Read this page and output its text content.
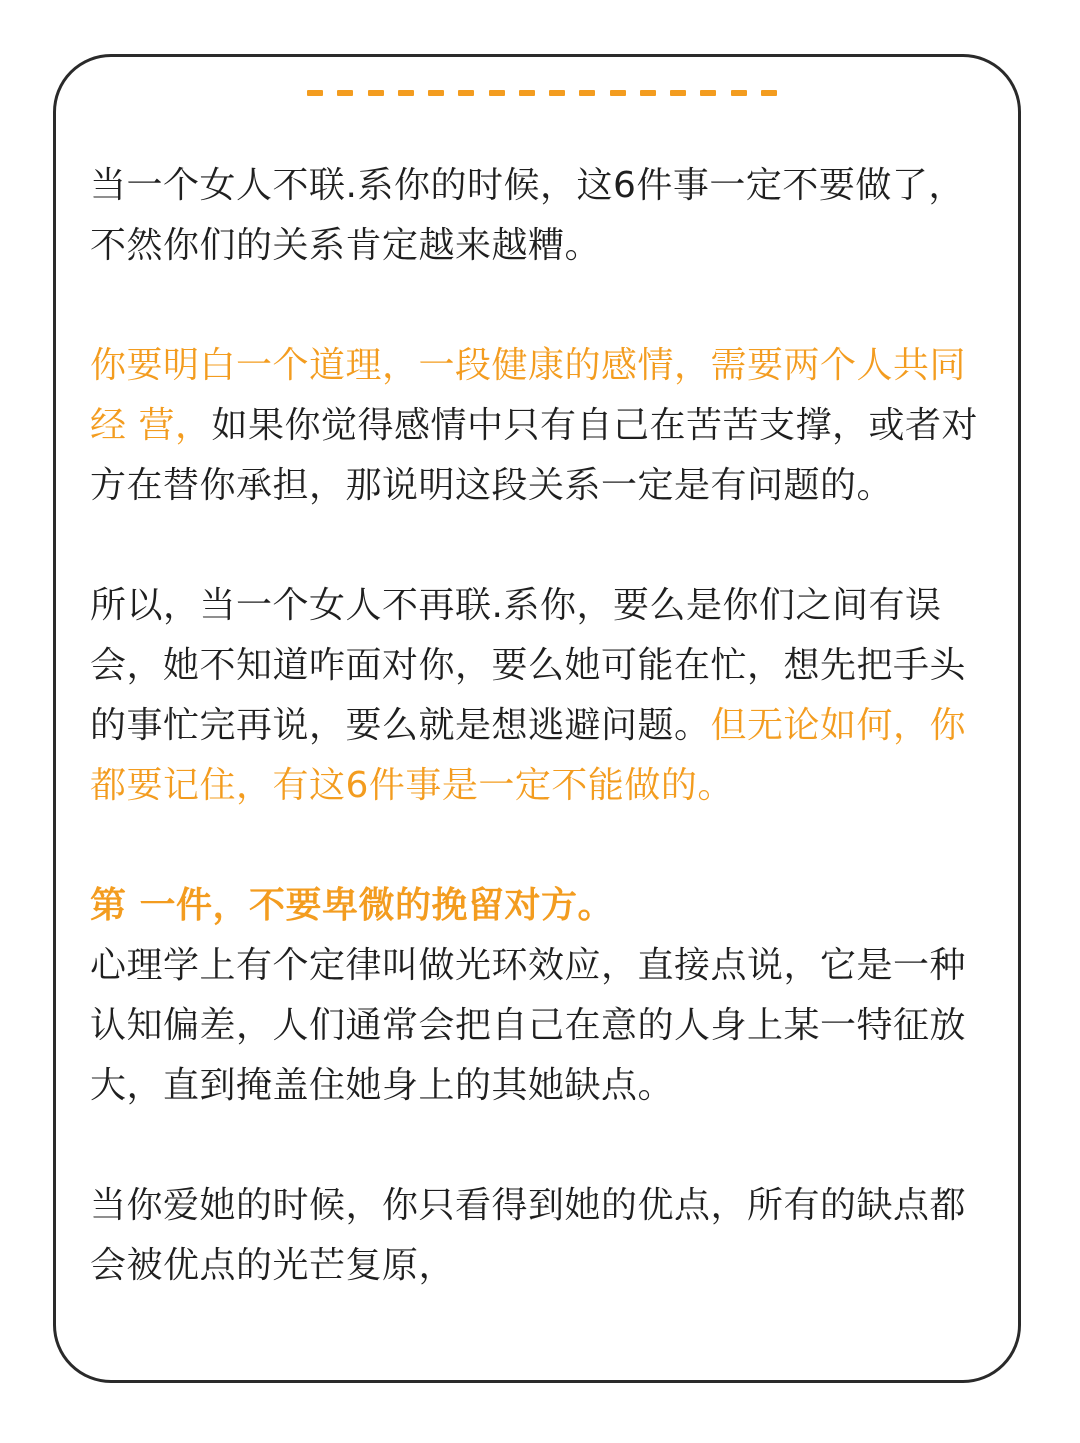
当一个女人不联.系你的时候，这6件事一定不要做了，不然你们的关系肯定越来越糟。

你要明白一个道理，一段健康的感情，需要两个人共同经 营，如果你觉得感情中只有自己在苦苦支撑，或者对方在替你承担，那说明这段关系一定是有问题的。

所以，当一个女人不再联.系你，要么是你们之间有误会，她不知道咋面对你，要么她可能在忙，想先把手头的事忙完再说，要么就是想逃避问题。但无论如何，你都要记住，有这6件事是一定不能做的。

第 一件，不要卑微的挽留对方。

心理学上有个定律叫做光环效应，直接点说，它是一种认知偏差，人们通常会把自己在意的人身上某一特征放大，直到掩盖住她身上的其她缺点。

当你爱她的时候，你只看得到她的优点，所有的缺点都会被优点的光芒复原，
